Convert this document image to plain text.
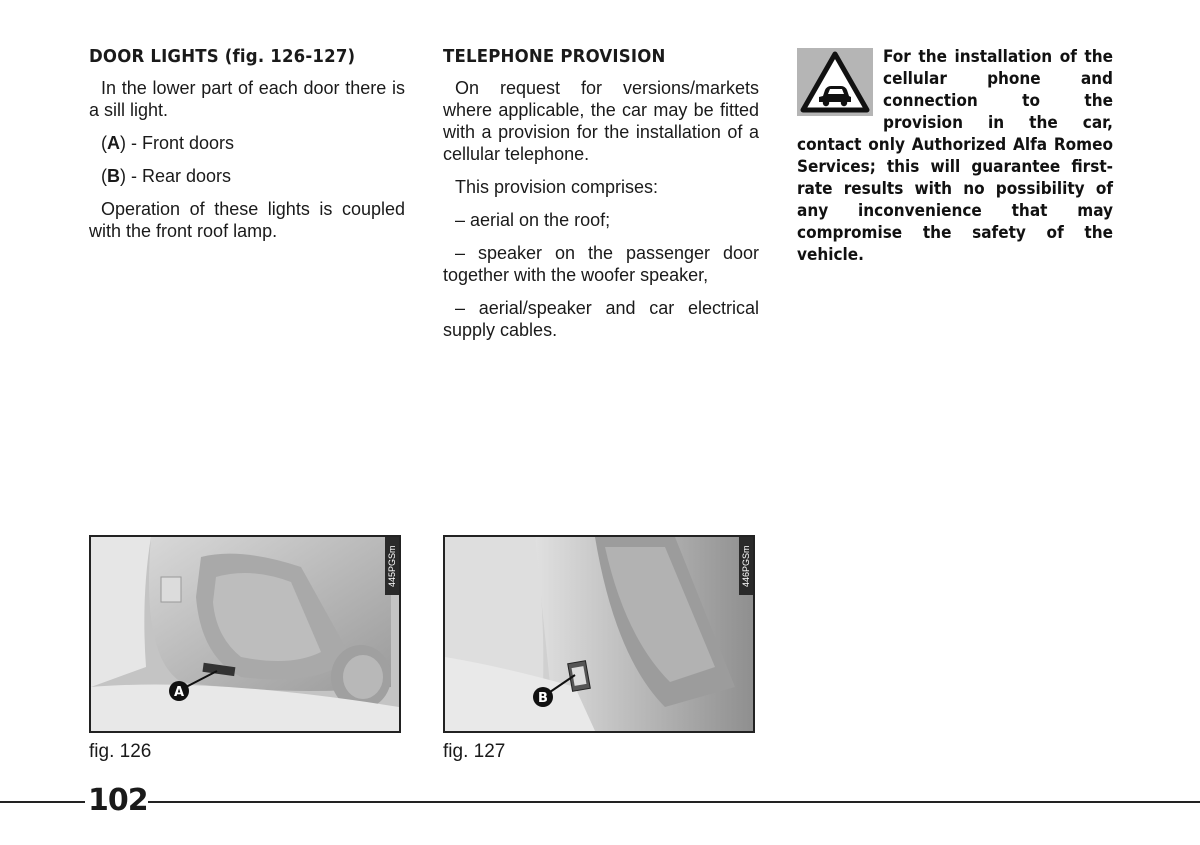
DOOR LIGHTS (fig. 126-127)

In the lower part of each door there is a sill light.

(A) - Front doors

(B) - Rear doors

Operation of these lights is coupled with the front roof lamp.

TELEPHONE PROVISION

On request for versions/markets where applicable, the car may be fitted with a provision for the installation of a cellular telephone.

This provision comprises:

– aerial on the roof;

– speaker on the passenger door together with the woofer speaker,

– aerial/speaker and car electrical supply cables.

For the installation of the cellular phone and connection to the provision in the car, contact only Authorized Alfa Romeo Services; this will guarantee first-rate results with no possibility of any inconvenience that may compromise the safety of the vehicle.

A
445PGSm
fig. 126
B
446PGSm
fig. 127
102
